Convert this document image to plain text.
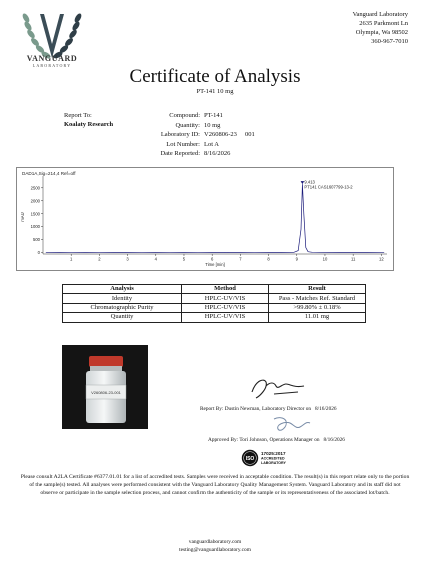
VANGUARD
LABORATORY
Vanguard Laboratory
2635 Parkmont Ln
Olympia, Wa 98502
360-967-7010
Certificate of Analysis
PT-141 10 mg
Report To:
Koalaty Research
Compound: PT-141
Quantity: 10 mg
Laboratory ID: V260806-23     001
Lot Number: Lot A
Date Reported: 8/16/2026
DAD1A,Sig=214,4 Ref=off
0
500
1000
1500
2000
2500
1	2	3	4	5	6	7	8	9	10	11	12
Time [min]
mAU
9.413
PT141 CAS1607799-13-2
Analysis	Method	Result
Identity	HPLC-UV/VIS	Pass - Matches Ref. Standard
Chromatographic Purity	HPLC-UV/VIS	>99.80% ± 0.18%
Quantity	HPLC-UV/VIS	11.01 mg
V260806-23-001
Report By: Dustin Newman, Laboratory Director on   8/16/2026
Approved By: Tori Johnson, Operations Manager on   8/16/2026
ISO
17025:2017
ACCREDITED
LABORATORY
Please consult A2LA Certificate #6377.01.01 for a list of accredited tests. Samples were received in acceptable condition. The result(s) in this report relate only to the portion of the sample(s) tested. All analyses were performed consistent with the Vanguard Laboratory Quality Management System. Vanguard Laboratory and its staff did not observe or participate in the sample selection process, and cannot confirm the authenticity of the sample or its representativeness of the associated lot/batch.
vanguardlaboratory.com
testing@vanguardlaboratory.com
